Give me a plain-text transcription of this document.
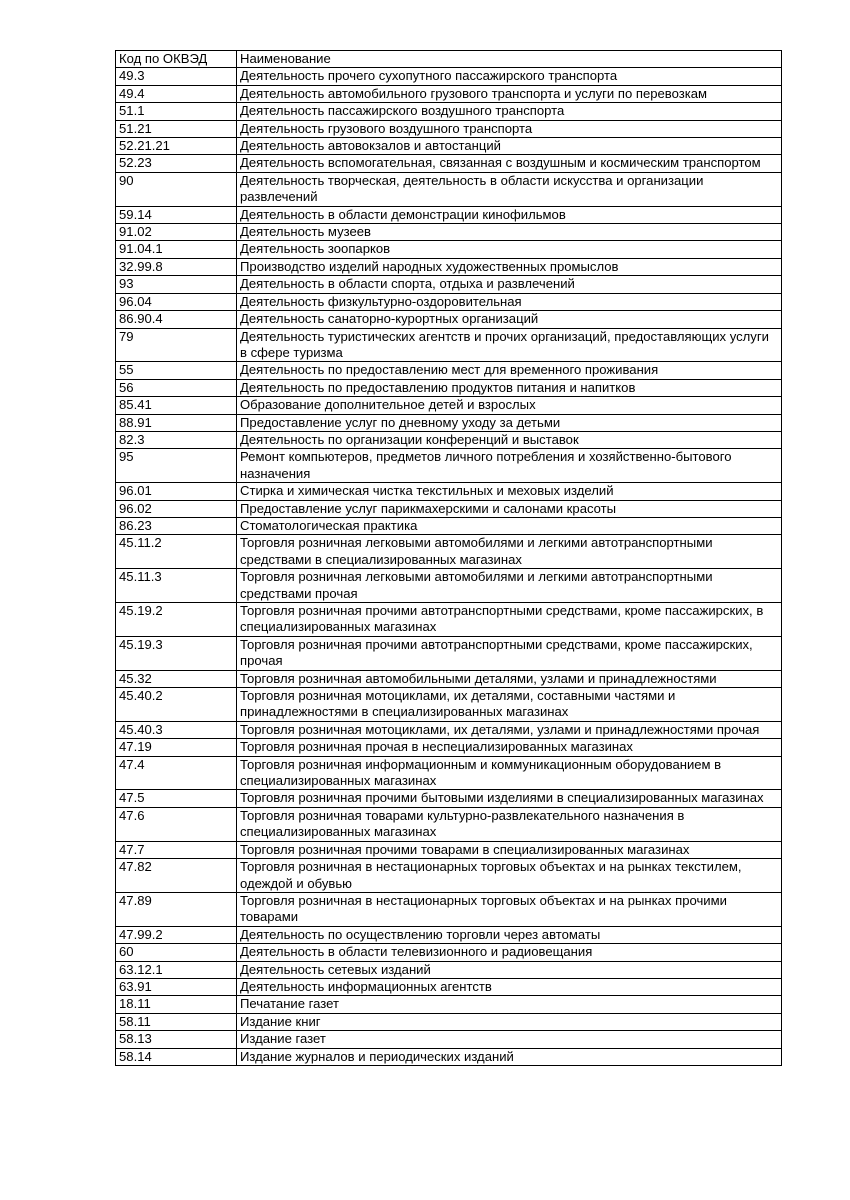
Код по ОКВЭД	Наименование
49.3	Деятельность прочего сухопутного пассажирского транспорта
49.4	Деятельность автомобильного грузового транспорта и услуги по перевозкам
51.1	Деятельность пассажирского воздушного транспорта
51.21	Деятельность грузового воздушного транспорта
52.21.21	Деятельность автовокзалов и автостанций
52.23	Деятельность вспомогательная, связанная с воздушным и космическим транспортом
90	Деятельность творческая, деятельность в области искусства и организации развлечений
59.14	Деятельность в области демонстрации кинофильмов
91.02	Деятельность музеев
91.04.1	Деятельность зоопарков
32.99.8	Производство изделий народных художественных промыслов
93	Деятельность в области спорта, отдыха и развлечений
96.04	Деятельность физкультурно-оздоровительная
86.90.4	Деятельность санаторно-курортных организаций
79	Деятельность туристических агентств и прочих организаций, предоставляющих услуги в сфере туризма
55	Деятельность по предоставлению мест для временного проживания
56	Деятельность по предоставлению продуктов питания и напитков
85.41	Образование дополнительное детей и взрослых
88.91	Предоставление услуг по дневному уходу за детьми
82.3	Деятельность по организации конференций и выставок
95	Ремонт компьютеров, предметов личного потребления и хозяйственно-бытового назначения
96.01	Стирка и химическая чистка текстильных и меховых изделий
96.02	Предоставление услуг парикмахерскими и салонами красоты
86.23	Стоматологическая практика
45.11.2	Торговля розничная легковыми автомобилями и легкими автотранспортными средствами в специализированных магазинах
45.11.3	Торговля розничная легковыми автомобилями и легкими автотранспортными средствами прочая
45.19.2	Торговля розничная прочими автотранспортными средствами, кроме пассажирских, в специализированных магазинах
45.19.3	Торговля розничная прочими автотранспортными средствами, кроме пассажирских, прочая
45.32	Торговля розничная автомобильными деталями, узлами и принадлежностями
45.40.2	Торговля розничная мотоциклами, их деталями, составными частями и принадлежностями в специализированных магазинах
45.40.3	Торговля розничная мотоциклами, их деталями, узлами и принадлежностями прочая
47.19	Торговля розничная прочая в неспециализированных магазинах
47.4	Торговля розничная информационным и коммуникационным оборудованием в специализированных магазинах
47.5	Торговля розничная прочими бытовыми изделиями в специализированных магазинах
47.6	Торговля розничная товарами культурно-развлекательного назначения в специализированных магазинах
47.7	Торговля розничная прочими товарами в специализированных магазинах
47.82	Торговля розничная в нестационарных торговых объектах и на рынках текстилем, одеждой и обувью
47.89	Торговля розничная в нестационарных торговых объектах и на рынках прочими товарами
47.99.2	Деятельность по осуществлению торговли через автоматы
60	Деятельность в области телевизионного и радиовещания
63.12.1	Деятельность сетевых изданий
63.91	Деятельность информационных агентств
18.11	Печатание газет
58.11	Издание книг
58.13	Издание газет
58.14	Издание журналов и периодических изданий
